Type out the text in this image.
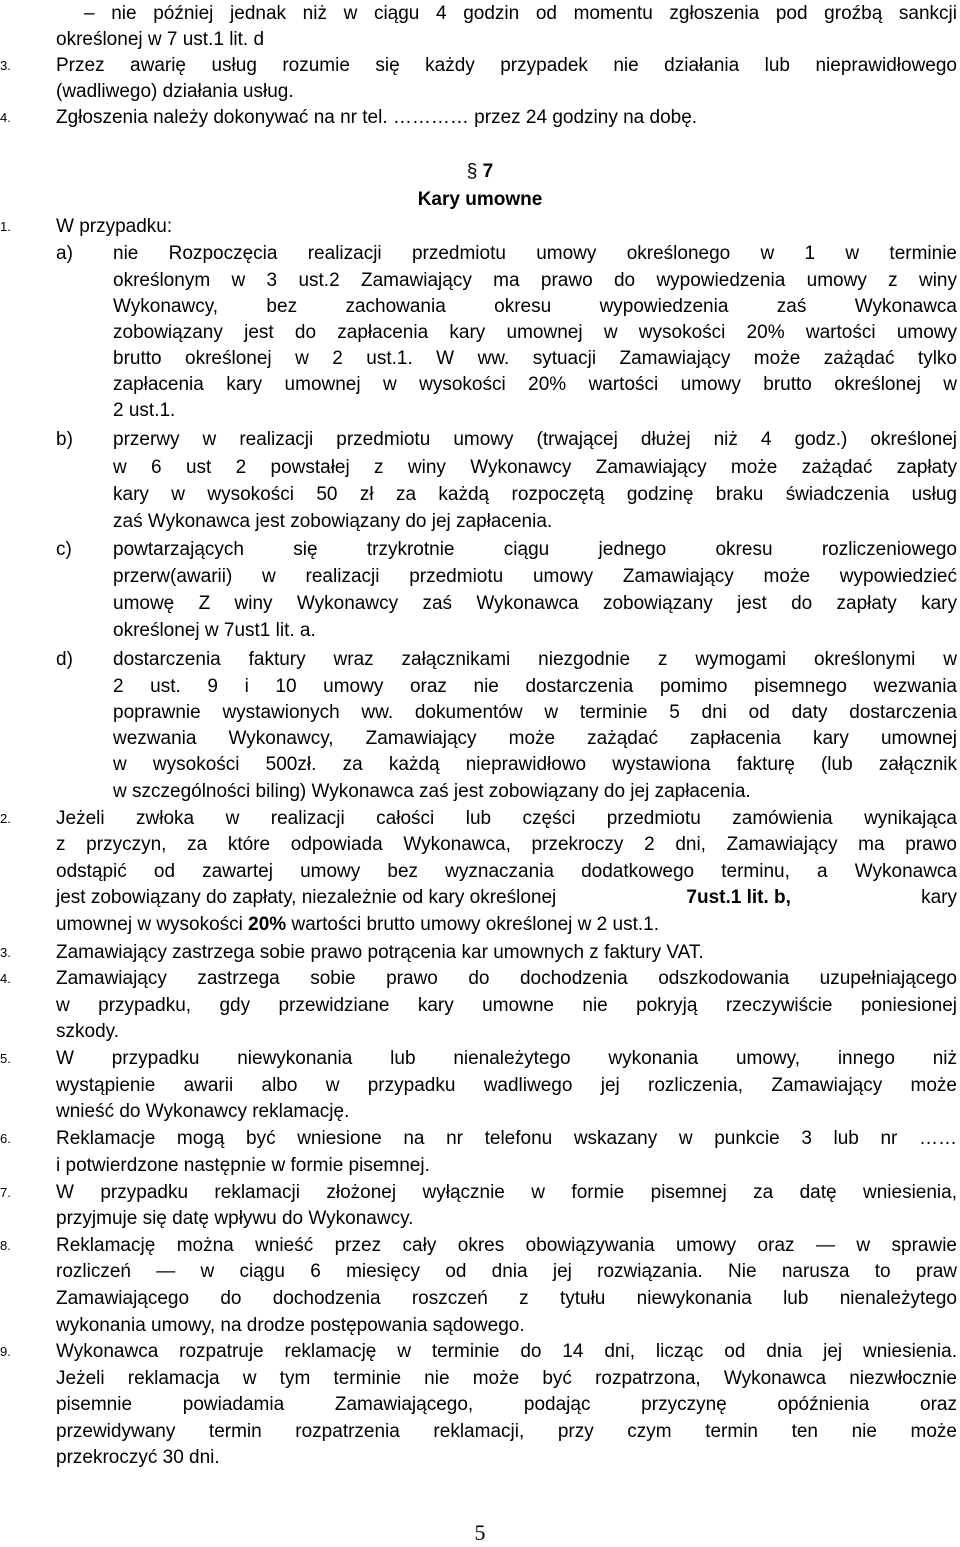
– nie później jednak niż w ciągu 4 godzin od momentu zgłoszenia pod groźbą sankcji
określonej w 7 ust.1 lit. d
3. Przez awarię usług rozumie się każdy przypadek nie działania lub nieprawidłowego
(wadliwego) działania usług.
4. Zgłoszenia należy dokonywać na nr tel. ………… przez 24 godziny na dobę.
§ 7
Kary umowne
1. W przypadku:
a) nie Rozpoczęcia realizacji przedmiotu umowy określonego w 1 w terminie
określonym w 3 ust.2 Zamawiający ma prawo do wypowiedzenia umowy z winy
Wykonawcy, bez zachowania okresu wypowiedzenia zaś Wykonawca
zobowiązany jest do zapłacenia kary umownej w wysokości 20% wartości umowy
brutto określonej w 2 ust.1. W ww. sytuacji Zamawiający może zażądać tylko
zapłacenia kary umownej w wysokości 20% wartości umowy brutto określonej w
2 ust.1.
b) przerwy w realizacji przedmiotu umowy (trwającej dłużej niż 4 godz.) określonej
w 6 ust 2 powstałej z winy Wykonawcy Zamawiający może zażądać zapłaty
kary w wysokości 50 zł za każdą rozpoczętą godzinę braku świadczenia usług
zaś Wykonawca jest zobowiązany do jej zapłacenia.
c) powtarzających się trzykrotnie ciągu jednego okresu rozliczeniowego
przerw(awarii) w realizacji przedmiotu umowy Zamawiający może wypowiedzieć
umowę Z winy Wykonawcy zaś Wykonawca zobowiązany jest do zapłaty kary
określonej w 7ust1 lit. a.
d) dostarczenia faktury wraz załącznikami niezgodnie z wymogami określonymi w
2 ust. 9 i 10 umowy oraz nie dostarczenia pomimo pisemnego wezwania
poprawnie wystawionych ww. dokumentów w terminie 5 dni od daty dostarczenia
wezwania Wykonawcy, Zamawiający może zażądać zapłacenia kary umownej
w wysokości 500zł. za każdą nieprawidłowo wystawiona fakturę (lub załącznik
w szczególności biling) Wykonawca zaś jest zobowiązany do jej zapłacenia.
2. Jeżeli zwłoka w realizacji całości lub części przedmiotu zamówienia wynikająca
z przyczyn, za które odpowiada Wykonawca, przekroczy 2 dni, Zamawiający ma prawo
odstąpić od zawartej umowy bez wyznaczania dodatkowego terminu, a Wykonawca
jest zobowiązany do zapłaty, niezależnie od kary określonej	7ust.1 lit. b,	kary
umownej w wysokości 20% wartości brutto umowy określonej w 2 ust.1.
3. Zamawiający zastrzega sobie prawo potrącenia kar umownych z faktury VAT.
4. Zamawiający zastrzega sobie prawo do dochodzenia odszkodowania uzupełniającego
w przypadku, gdy przewidziane kary umowne nie pokryją rzeczywiście poniesionej
szkody.
5. W przypadku niewykonania lub nienależytego wykonania umowy, innego niż
wystąpienie awarii albo w przypadku wadliwego jej rozliczenia, Zamawiający może
wnieść do Wykonawcy reklamację.
6. Reklamacje mogą być wniesione na nr telefonu wskazany w punkcie 3 lub nr ……
i potwierdzone następnie w formie pisemnej.
7. W przypadku reklamacji złożonej wyłącznie w formie pisemnej za datę wniesienia,
przyjmuje się datę wpływu do Wykonawcy.
8. Reklamację można wnieść przez cały okres obowiązywania umowy oraz — w sprawie
rozliczeń — w ciągu 6 miesięcy od dnia jej rozwiązania. Nie narusza to praw
Zamawiającego do dochodzenia roszczeń z tytułu niewykonania lub nienależytego
wykonania umowy, na drodze postępowania sądowego.
9. Wykonawca rozpatruje reklamację w terminie do 14 dni, licząc od dnia jej wniesienia.
Jeżeli reklamacja w tym terminie nie może być rozpatrzona, Wykonawca niezwłocznie
pisemnie powiadamia Zamawiającego, podając przyczynę opóźnienia oraz
przewidywany termin rozpatrzenia reklamacji, przy czym termin ten nie może
przekroczyć 30 dni.
5
